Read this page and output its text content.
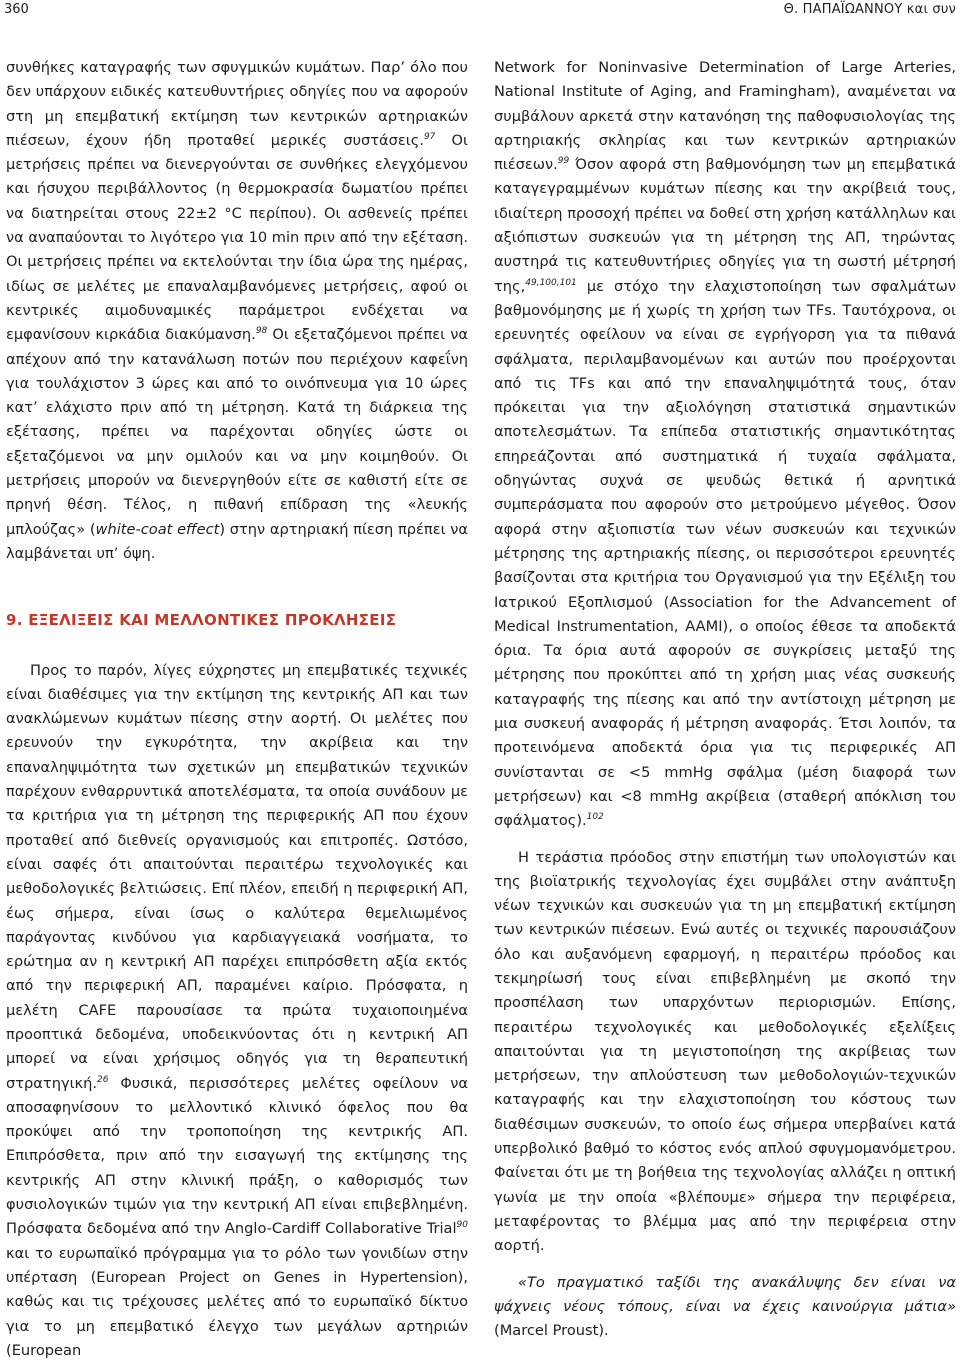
360	Θ. ΠΑΠΑΪΩΑΝΝΟΥ και συν

συνθήκες καταγραφής των σφυγμικών κυμάτων. Παρ’ όλο που δεν υπάρχουν ειδικές κατευθυντήριες οδηγίες που να αφορούν στη μη επεμβατική εκτίμηση των κεντρικών αρτηριακών πιέσεων, έχουν ήδη προταθεί μερικές συστάσεις.$^{97}$ Οι μετρήσεις πρέπει να διενεργούνται σε συνθήκες ελεγχόμενου και ήσυχου περιβάλλοντος (η θερμοκρασία δωματίου πρέπει να διατηρείται στους 22±2 °C περίπου). Οι ασθενείς πρέπει να αναπαύονται το λιγότερο για 10 min πριν από την εξέταση. Οι μετρήσεις πρέπει να εκτελούνται την ίδια ώρα της ημέρας, ιδίως σε μελέτες με επαναλαμβανόμενες μετρήσεις, αφού οι κεντρικές αιμοδυναμικές παράμετροι ενδέχεται να εμφανίσουν κιρκάδια διακύμανση.$^{98}$ Οι εξεταζόμενοι πρέπει να απέχουν από την κατανάλωση ποτών που περιέχουν καφεΐνη για τουλάχιστον 3 ώρες και από το οινόπνευμα για 10 ώρες κατ’ ελάχιστο πριν από τη μέτρηση. Κατά τη διάρκεια της εξέτασης, πρέπει να παρέχονται οδηγίες ώστε οι εξεταζόμενοι να μην ομιλούν και να μην κοιμηθούν. Οι μετρήσεις μπορούν να διενεργηθούν είτε σε καθιστή είτε σε πρηνή θέση. Τέλος, η πιθανή επίδραση της «λευκής μπλούζας» (white-coat effect) στην αρτηριακή πίεση πρέπει να λαμβάνεται υπ’ όψη.

9. ΕΞΕΛΙΞΕΙΣ ΚΑΙ ΜΕΛΛΟΝΤΙΚΕΣ ΠΡΟΚΛΗΣΕΙΣ

Προς το παρόν, λίγες εύχρηστες μη επεμβατικές τεχνικές είναι διαθέσιμες για την εκτίμηση της κεντρικής ΑΠ και των ανακλώμενων κυμάτων πίεσης στην αορτή. Οι μελέτες που ερευνούν την εγκυρότητα, την ακρίβεια και την επαναληψιμότητα των σχετικών μη επεμβατικών τεχνικών παρέχουν ενθαρρυντικά αποτελέσματα, τα οποία συνάδουν με τα κριτήρια για τη μέτρηση της περιφερικής ΑΠ που έχουν προταθεί από διεθνείς οργανισμούς και επιτροπές. Ωστόσο, είναι σαφές ότι απαιτούνται περαιτέρω τεχνολογικές και μεθοδολογικές βελτιώσεις. Επί πλέον, επειδή η περιφερική ΑΠ, έως σήμερα, είναι ίσως ο καλύτερα θεμελιωμένος παράγοντας κινδύνου για καρδιαγγειακά νοσήματα, το ερώτημα αν η κεντρική ΑΠ παρέχει επιπρόσθετη αξία εκτός από την περιφερική ΑΠ, παραμένει καίριο. Πρόσφατα, η μελέτη CAFE παρουσίασε τα πρώτα τυχαιοποιημένα προοπτικά δεδομένα, υποδεικνύοντας ότι η κεντρική ΑΠ μπορεί να είναι χρήσιμος οδηγός για τη θεραπευτική στρατηγική.$^{26}$ Φυσικά, περισσότερες μελέτες οφείλουν να αποσαφηνίσουν το μελλοντικό κλινικό όφελος που θα προκύψει από την τροποποίηση της κεντρικής ΑΠ. Επιπρόσθετα, πριν από την εισαγωγή της εκτίμησης της κεντρικής ΑΠ στην κλινική πράξη, ο καθορισμός των φυσιολογικών τιμών για την κεντρική ΑΠ είναι επιβεβλημένη. Πρόσφατα δεδομένα από την Anglo-Cardiff Collaborative Trial$^{90}$ και το ευρωπαϊκό πρόγραμμα για το ρόλο των γονιδίων στην υπέρταση (European Project on Genes in Hypertension), καθώς και τις τρέχουσες μελέτες από το ευρωπαϊκό δίκτυο για το μη επεμβατικό έλεγχο των μεγάλων αρτηριών (European

Network for Noninvasive Determination of Large Arteries, National Institute of Aging, and Framingham), αναμένεται να συμβάλουν αρκετά στην κατανόηση της παθοφυσιολογίας της αρτηριακής σκληρίας και των κεντρικών αρτηριακών πιέσεων.$^{99}$ Όσον αφορά στη βαθμονόμηση των μη επεμβατικά καταγεγραμμένων κυμάτων πίεσης και την ακρίβειά τους, ιδιαίτερη προσοχή πρέπει να δοθεί στη χρήση κατάλληλων και αξιόπιστων συσκευών για τη μέτρηση της ΑΠ, τηρώντας αυστηρά τις κατευθυντήριες οδηγίες για τη σωστή μέτρησή της,$^{49,100,101}$ με στόχο την ελαχιστοποίηση των σφαλμάτων βαθμονόμησης με ή χωρίς τη χρήση των TFs. Ταυτόχρονα, οι ερευνητές οφείλουν να είναι σε εγρήγορση για τα πιθανά σφάλματα, περιλαμβανομένων και αυτών που προέρχονται από τις TFs και από την επαναληψιμότητά τους, όταν πρόκειται για την αξιολόγηση στατιστικά σημαντικών αποτελεσμάτων. Τα επίπεδα στατιστικής σημαντικότητας επηρεάζονται από συστηματικά ή τυχαία σφάλματα, οδηγώντας συχνά σε ψευδώς θετικά ή αρνητικά συμπεράσματα που αφορούν στο μετρούμενο μέγεθος. Όσον αφορά στην αξιοπιστία των νέων συσκευών και τεχνικών μέτρησης της αρτηριακής πίεσης, οι περισσότεροι ερευνητές βασίζονται στα κριτήρια του Οργανισμού για την Εξέλιξη του Ιατρικού Εξοπλισμού (Association for the Advancement of Medical Instrumentation, AAMI), ο οποίος έθεσε τα αποδεκτά όρια. Τα όρια αυτά αφορούν σε συγκρίσεις μεταξύ της μέτρησης που προκύπτει από τη χρήση μιας νέας συσκευής καταγραφής της πίεσης και από την αντίστοιχη μέτρηση με μια συσκευή αναφοράς ή μέτρηση αναφοράς. Έτσι λοιπόν, τα προτεινόμενα αποδεκτά όρια για τις περιφερικές ΑΠ συνίστανται σε <5 mmHg σφάλμα (μέση διαφορά των μετρήσεων) και <8 mmHg ακρίβεια (σταθερή απόκλιση του σφάλματος).$^{102}$

Η τεράστια πρόοδος στην επιστήμη των υπολογιστών και της βιοϊατρικής τεχνολογίας έχει συμβάλει στην ανάπτυξη νέων τεχνικών και συσκευών για τη μη επεμβατική εκτίμηση των κεντρικών πιέσεων. Ενώ αυτές οι τεχνικές παρουσιάζουν όλο και αυξανόμενη εφαρμογή, η περαιτέρω πρόοδος και τεκμηρίωσή τους είναι επιβεβλημένη με σκοπό την προσπέλαση των υπαρχόντων περιορισμών. Επίσης, περαιτέρω τεχνολογικές και μεθοδολογικές εξελίξεις απαιτούνται για τη μεγιστοποίηση της ακρίβειας των μετρήσεων, την απλούστευση των μεθοδολογιών-τεχνικών καταγραφής και την ελαχιστοποίηση του κόστους των διαθέσιμων συσκευών, το οποίο έως σήμερα υπερβαίνει κατά υπερβολικό βαθμό το κόστος ενός απλού σφυγμομανόμετρου. Φαίνεται ότι με τη βοήθεια της τεχνολογίας αλλάζει η οπτική γωνία με την οποία «βλέπουμε» σήμερα την περιφέρεια, μεταφέροντας το βλέμμα μας από την περιφέρεια στην αορτή.

«Το πραγματικό ταξίδι της ανακάλυψης δεν είναι να ψάχνεις νέους τόπους, είναι να έχεις καινούργια μάτια» (Marcel Proust).
